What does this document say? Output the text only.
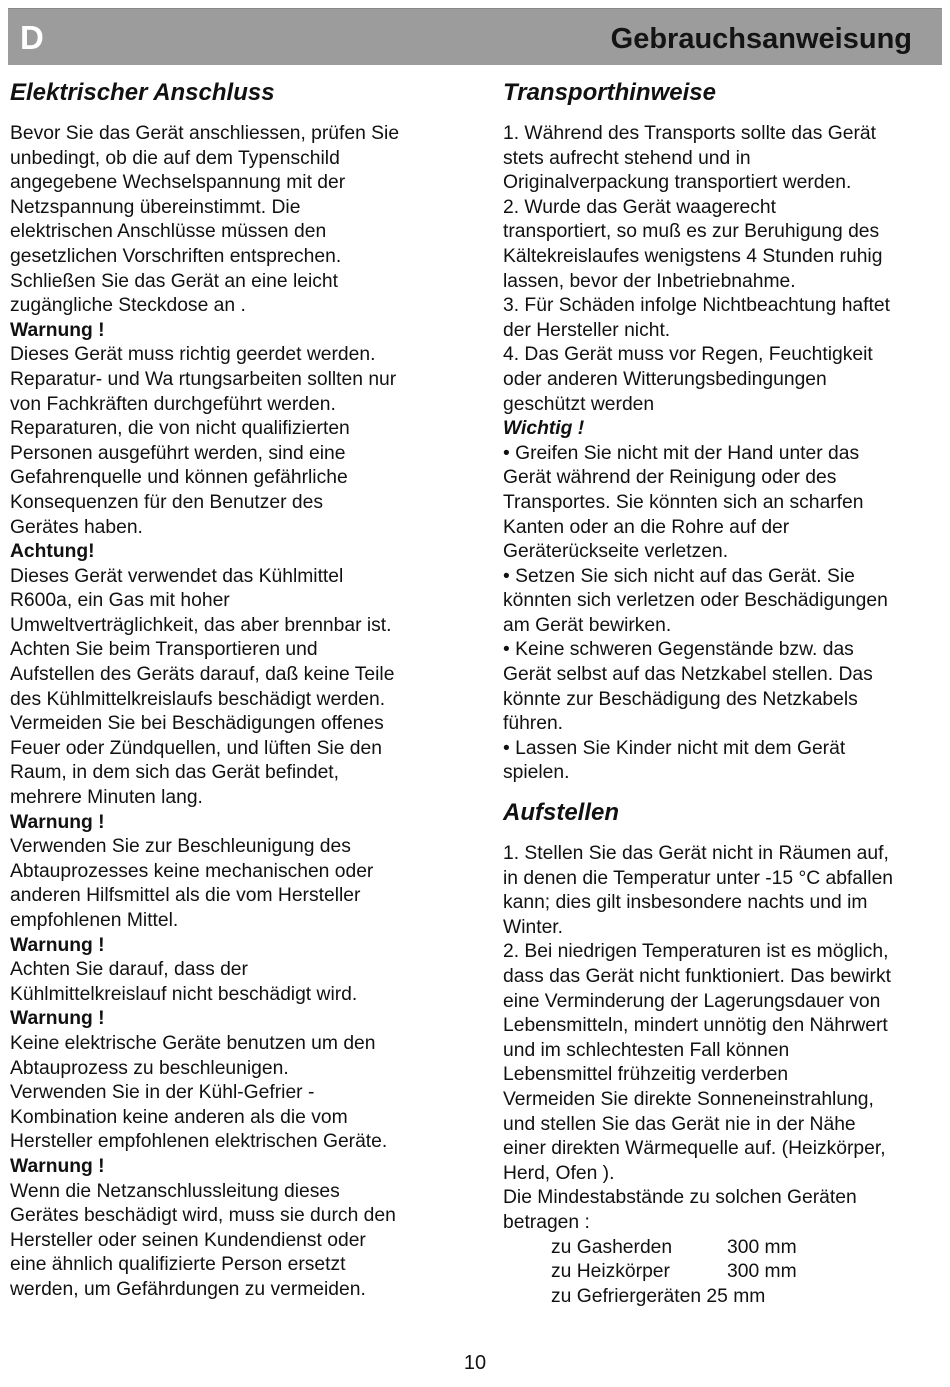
D	Gebrauchsanweisung
Elektrischer Anschluss
Bevor Sie das Gerät anschliessen, prüfen Sie
unbedingt, ob die auf dem Typenschild
angegebene Wechselspannung mit der
Netzspannung übereinstimmt. Die
elektrischen Anschlüsse müssen den
gesetzlichen Vorschriften entsprechen.
Schließen Sie das Gerät an eine leicht
zugängliche Steckdose an .
Warnung !
Dieses Gerät muss richtig geerdet werden.
Reparatur- und Wa rtungsarbeiten sollten nur
von Fachkräften durchgeführt werden.
Reparaturen, die von nicht qualifizierten
Personen ausgeführt werden, sind eine
Gefahrenquelle und können gefährliche
Konsequenzen für den Benutzer des
Gerätes haben.
Achtung!
Dieses Gerät verwendet das Kühlmittel
R600a, ein Gas mit hoher
Umweltverträglichkeit, das aber brennbar ist.
Achten Sie beim Transportieren und
Aufstellen des Geräts darauf, daß keine Teile
des Kühlmittelkreislaufs beschädigt werden.
Vermeiden Sie bei Beschädigungen offenes
Feuer oder Zündquellen, und lüften Sie den
Raum, in dem sich das Gerät befindet,
mehrere Minuten lang.
Warnung !
Verwenden Sie zur Beschleunigung des
Abtauprozesses keine mechanischen oder
anderen Hilfsmittel als die vom Hersteller
empfohlenen Mittel.
Warnung !
Achten Sie darauf, dass der
Kühlmittelkreislauf nicht beschädigt wird.
Warnung !
Keine elektrische Geräte benutzen um den
Abtauprozess zu beschleunigen.
Verwenden Sie in der Kühl-Gefrier -
Kombination keine anderen als die vom
Hersteller empfohlenen elektrischen Geräte.
Warnung !
Wenn die Netzanschlussleitung dieses
Gerätes beschädigt wird, muss sie durch den
Hersteller oder seinen Kundendienst oder
eine ähnlich qualifizierte Person ersetzt
werden, um Gefährdungen zu vermeiden.
Transporthinweise
1. Während des Transports sollte das Gerät
stets aufrecht stehend und in
Originalverpackung transportiert werden.
2. Wurde das Gerät waagerecht
transportiert, so muß es zur Beruhigung des
Kältekreislaufes wenigstens 4 Stunden ruhig
lassen, bevor der Inbetriebnahme.
3. Für Schäden infolge Nichtbeachtung haftet
der Hersteller nicht.
4. Das Gerät muss vor Regen, Feuchtigkeit
oder anderen Witterungsbedingungen
geschützt werden
Wichtig !
• Greifen Sie nicht mit der Hand unter das
Gerät während der Reinigung oder des
Transportes. Sie könnten sich an scharfen
Kanten oder an die Rohre auf der
Geräterückseite verletzen.
• Setzen Sie sich nicht auf das Gerät. Sie
könnten sich verletzen oder Beschädigungen
am Gerät bewirken.
• Keine schweren Gegenstände bzw. das
Gerät selbst auf das Netzkabel stellen. Das
könnte zur Beschädigung des Netzkabels
führen.
• Lassen Sie Kinder nicht mit dem Gerät
spielen.
Aufstellen
1. Stellen Sie das Gerät nicht in Räumen auf,
in denen die Temperatur unter -15 °C abfallen
kann; dies gilt insbesondere nachts und im
Winter.
2. Bei niedrigen Temperaturen ist es möglich,
dass das Gerät nicht funktioniert. Das bewirkt
eine Verminderung der Lagerungsdauer von
Lebensmitteln, mindert unnötig den Nährwert
und im schlechtesten Fall können
Lebensmittel frühzeitig verderben
Vermeiden Sie direkte Sonneneinstrahlung,
und stellen Sie das Gerät nie in der Nähe
einer direkten Wärmequelle auf. (Heizkörper,
Herd, Ofen ).
Die Mindestabstände zu solchen Geräten
betragen :
zu Gasherden	300 mm
zu Heizkörper	300 mm
zu Gefriergeräten 25 mm
10
